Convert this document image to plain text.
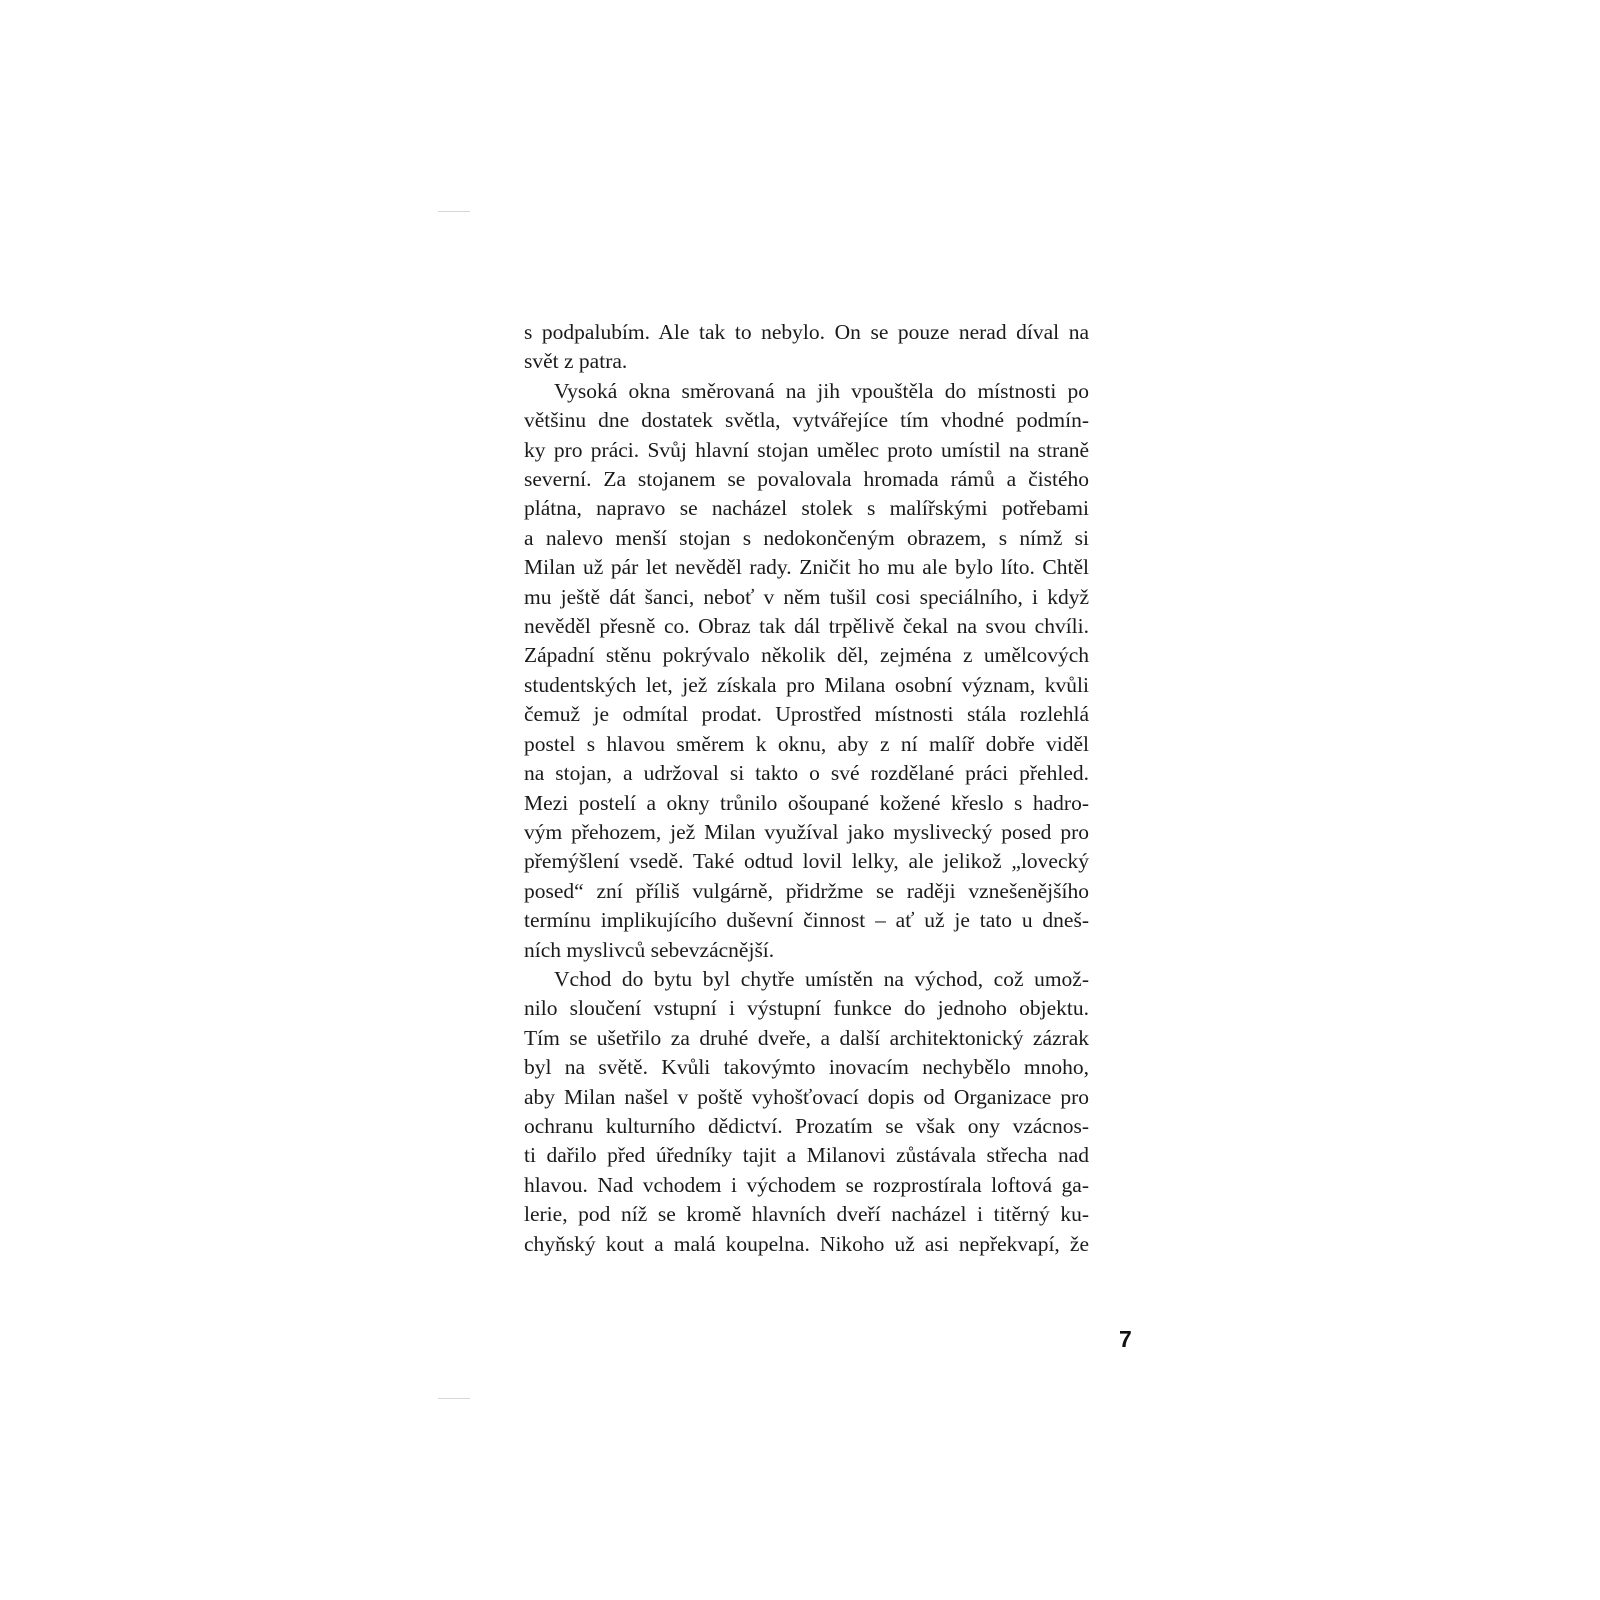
s podpalubím. Ale tak to nebylo. On se pouze nerad díval na
svět z patra.
Vysoká okna směrovaná na jih vpouštěla do místnosti po
většinu dne dostatek světla, vytvářejíce tím vhodné podmín-
ky pro práci. Svůj hlavní stojan umělec proto umístil na straně
severní. Za stojanem se povalovala hromada rámů a čistého
plátna, napravo se nacházel stolek s malířskými potřebami
a nalevo menší stojan s nedokončeným obrazem, s nímž si
Milan už pár let nevěděl rady. Zničit ho mu ale bylo líto. Chtěl
mu ještě dát šanci, neboť v něm tušil cosi speciálního, i když
nevěděl přesně co. Obraz tak dál trpělivě čekal na svou chvíli.
Západní stěnu pokrývalo několik děl, zejména z umělcových
studentských let, jež získala pro Milana osobní význam, kvůli
čemuž je odmítal prodat. Uprostřed místnosti stála rozlehlá
postel s hlavou směrem k oknu, aby z ní malíř dobře viděl
na stojan, a udržoval si takto o své rozdělané práci přehled.
Mezi postelí a okny trůnilo ošoupané kožené křeslo s hadro-
vým přehozem, jež Milan využíval jako myslivecký posed pro
přemýšlení vsedě. Také odtud lovil lelky, ale jelikož „lovecký
posed“ zní příliš vulgárně, přidržme se raději vznešenějšího
termínu implikujícího duševní činnost – ať už je tato u dneš-
ních myslivců sebevzácnější.
Vchod do bytu byl chytře umístěn na východ, což umož-
nilo sloučení vstupní i výstupní funkce do jednoho objektu.
Tím se ušetřilo za druhé dveře, a další architektonický zázrak
byl na světě. Kvůli takovýmto inovacím nechybělo mnoho,
aby Milan našel v poště vyhošťovací dopis od Organizace pro
ochranu kulturního dědictví. Prozatím se však ony vzácnos-
ti dařilo před úředníky tajit a Milanovi zůstávala střecha nad
hlavou. Nad vchodem i východem se rozprostírala loftová ga-
lerie, pod níž se kromě hlavních dveří nacházel i titěrný ku-
chyňský kout a malá koupelna. Nikoho už asi nepřekvapí, že
7
